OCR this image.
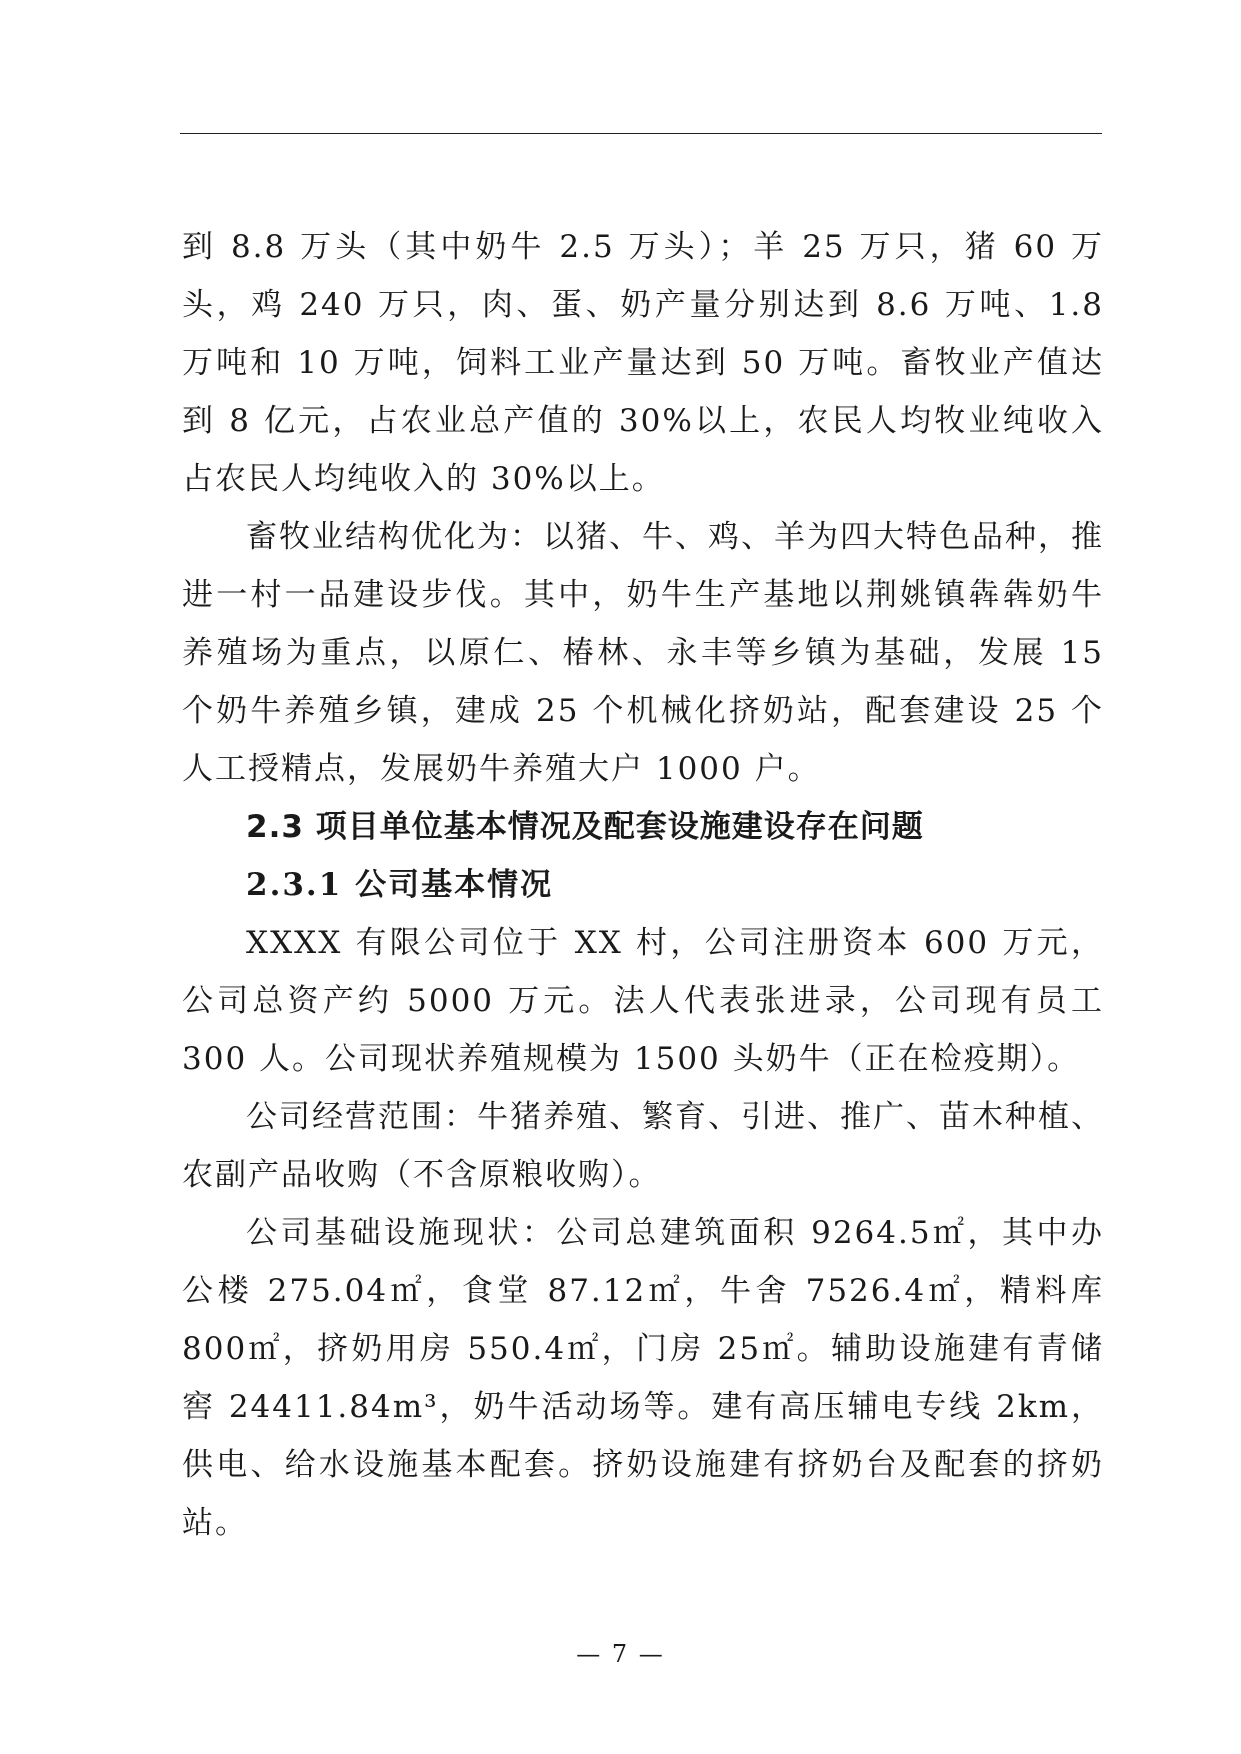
到 8.8 万头（其中奶牛 2.5 万头）；羊 25 万只，猪 60 万头，鸡 240 万只，肉、蛋、奶产量分别达到 8.6 万吨、1.8 万吨和 10 万吨，饲料工业产量达到 50 万吨。畜牧业产值达到 8 亿元，占农业总产值的 30%以上，农民人均牧业纯收入占农民人均纯收入的 30%以上。

畜牧业结构优化为：以猪、牛、鸡、羊为四大特色品种，推进一村一品建设步伐。其中，奶牛生产基地以荆姚镇犇犇奶牛养殖场为重点，以原仁、椿林、永丰等乡镇为基础，发展 15 个奶牛养殖乡镇，建成 25 个机械化挤奶站，配套建设 25 个人工授精点，发展奶牛养殖大户 1000 户。

2.3 项目单位基本情况及配套设施建设存在问题
2.3.1 公司基本情况

XXXX 有限公司位于 XX 村，公司注册资本 600 万元，公司总资产约 5000 万元。法人代表张进录，公司现有员工 300 人。公司现状养殖规模为 1500 头奶牛（正在检疫期）。

公司经营范围：牛猪养殖、繁育、引进、推广、苗木种植、农副产品收购（不含原粮收购）。

公司基础设施现状：公司总建筑面积 9264.5㎡，其中办公楼 275.04㎡，食堂 87.12㎡，牛舍 7526.4㎡，精料库 800㎡，挤奶用房 550.4㎡，门房 25㎡。辅助设施建有青储窖 24411.84m³，奶牛活动场等。建有高压辅电专线 2km，供电、给水设施基本配套。挤奶设施建有挤奶台及配套的挤奶站。

— 7 —
